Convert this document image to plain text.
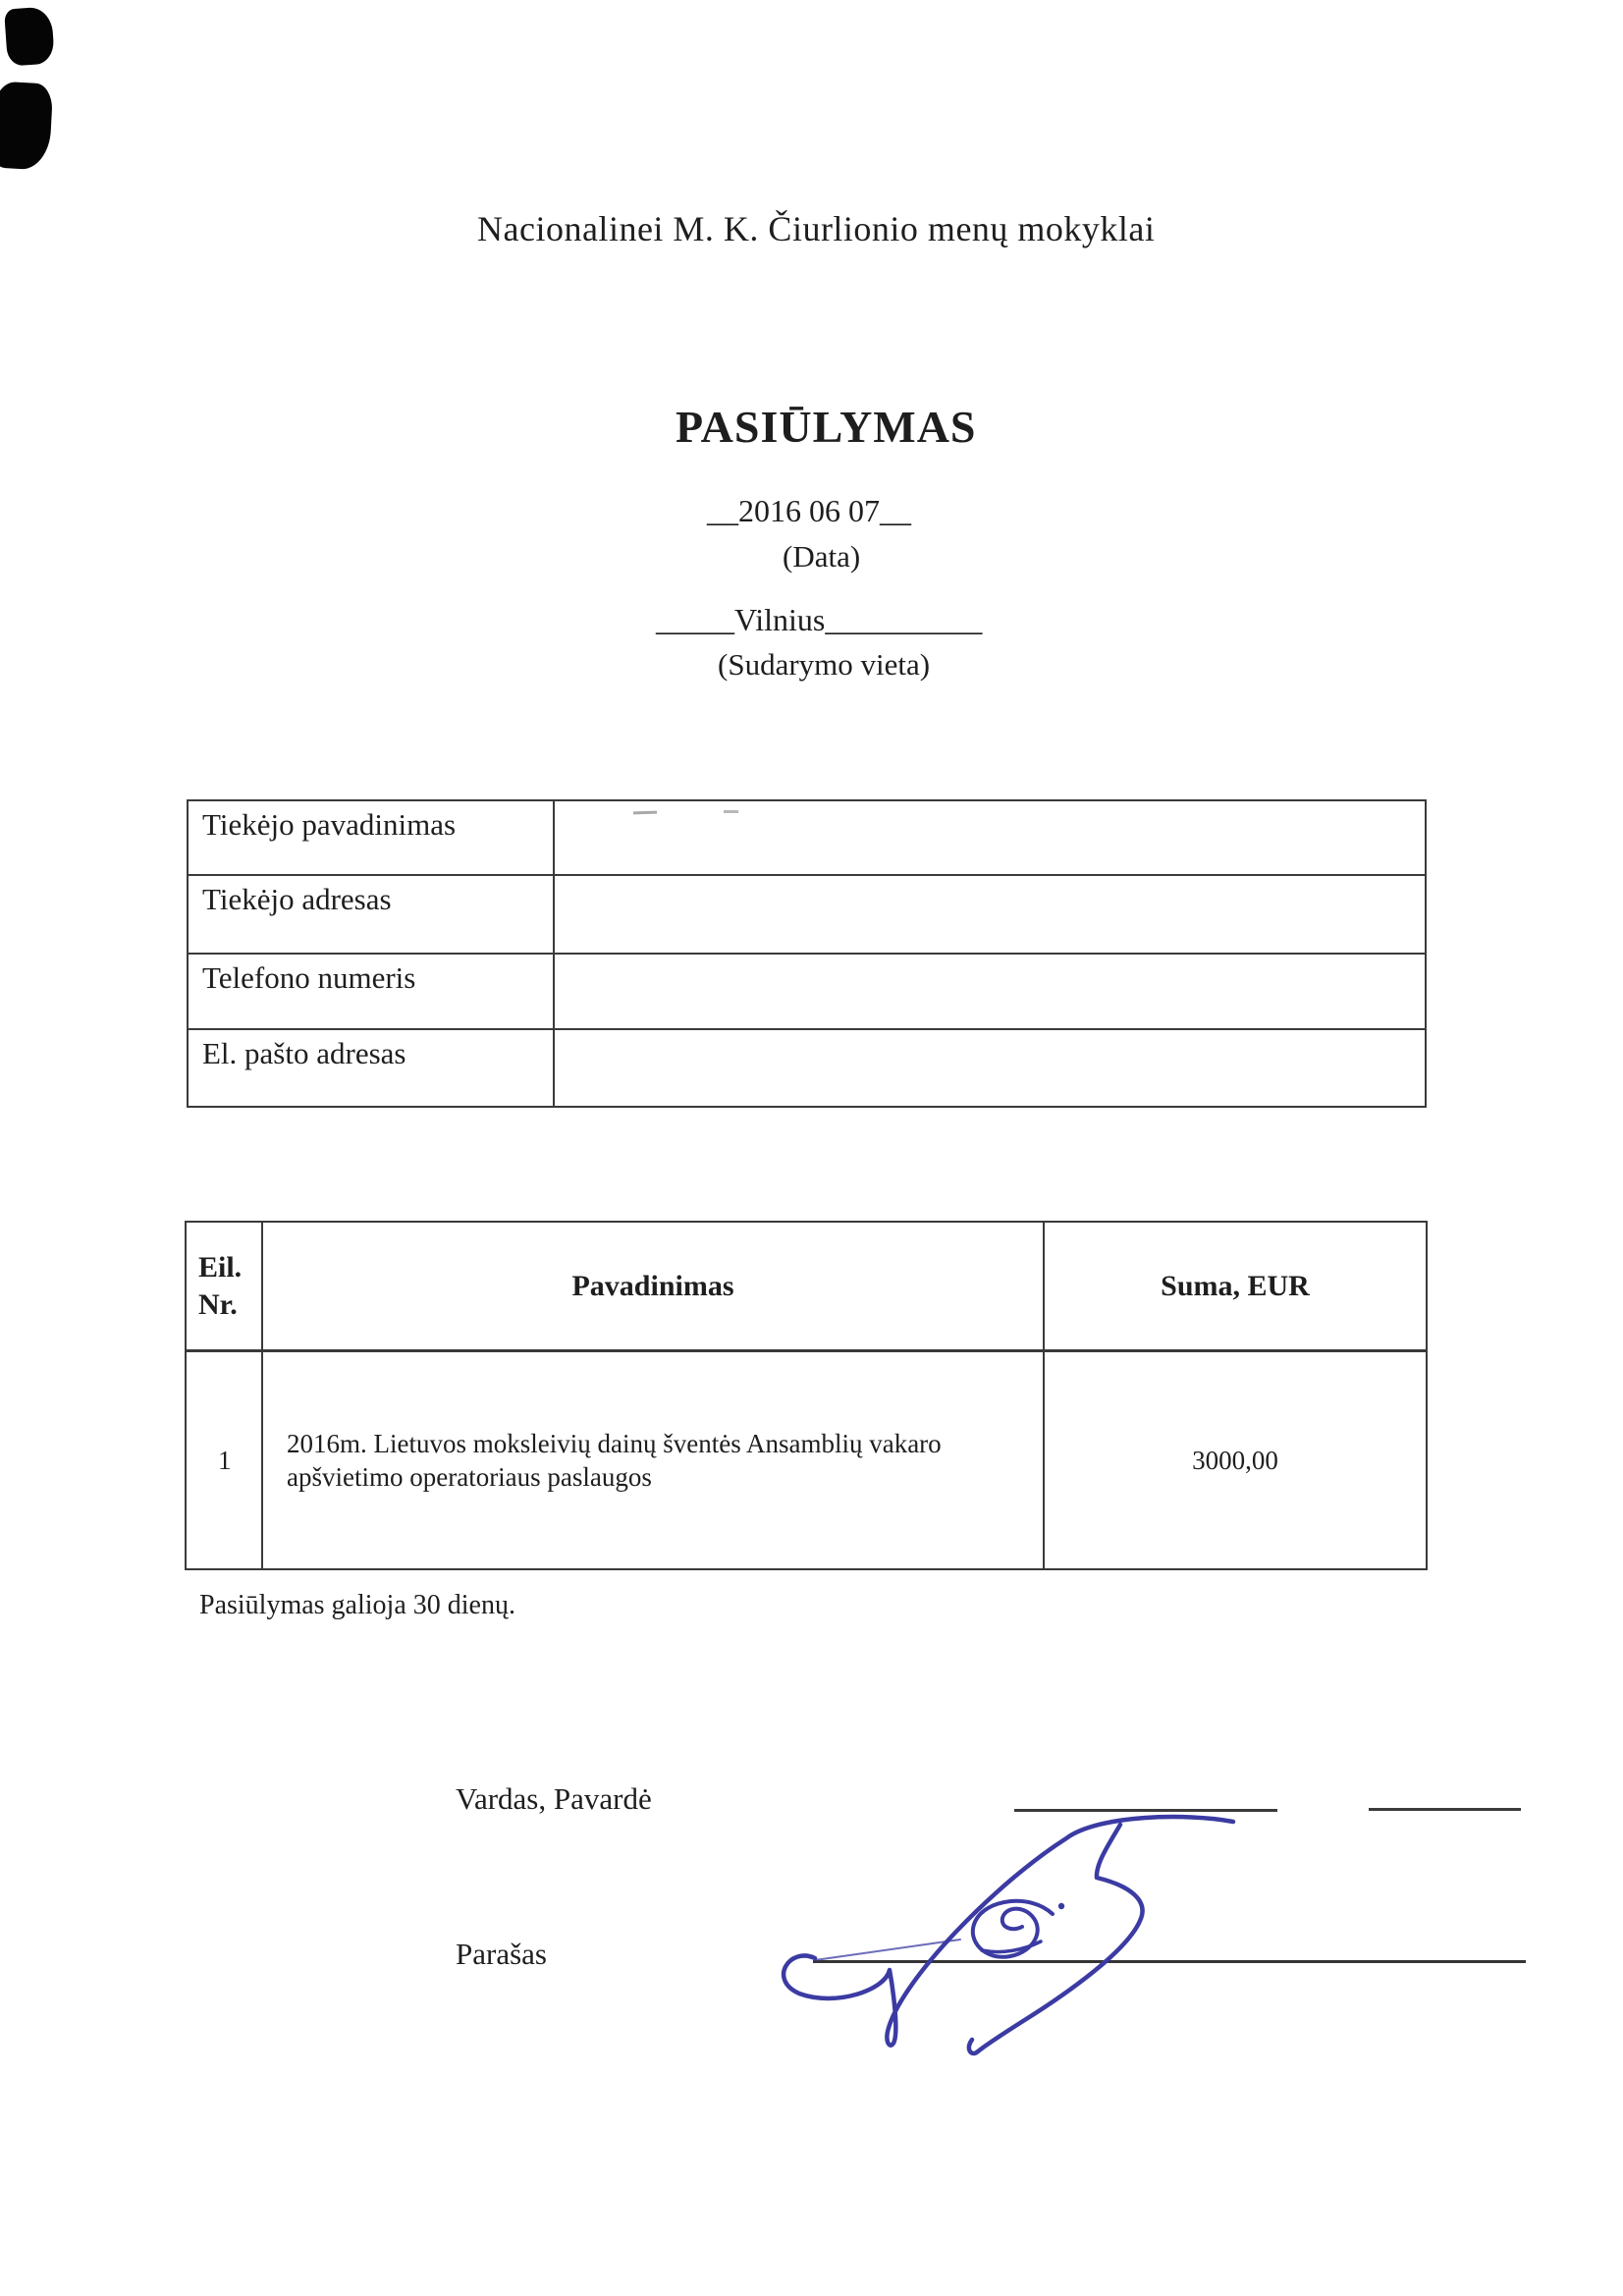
Nacionalinei M. K. Čiurlionio menų mokyklai
PASIŪLYMAS
__2016 06 07__
(Data)
_____Vilnius__________
(Sudarymo vieta)
Tiekėjo pavadinimas
Tiekėjo adresas
Telefono numeris
El. pašto adresas
Eil.
Nr.
Pavadinimas	Suma, EUR
1
2016m. Lietuvos moksleivių dainų šventės Ansamblių vakaro apšvietimo operatoriaus paslaugos
3000,00
Pasiūlymas galioja 30 dienų.
Vardas, Pavardė
Parašas
